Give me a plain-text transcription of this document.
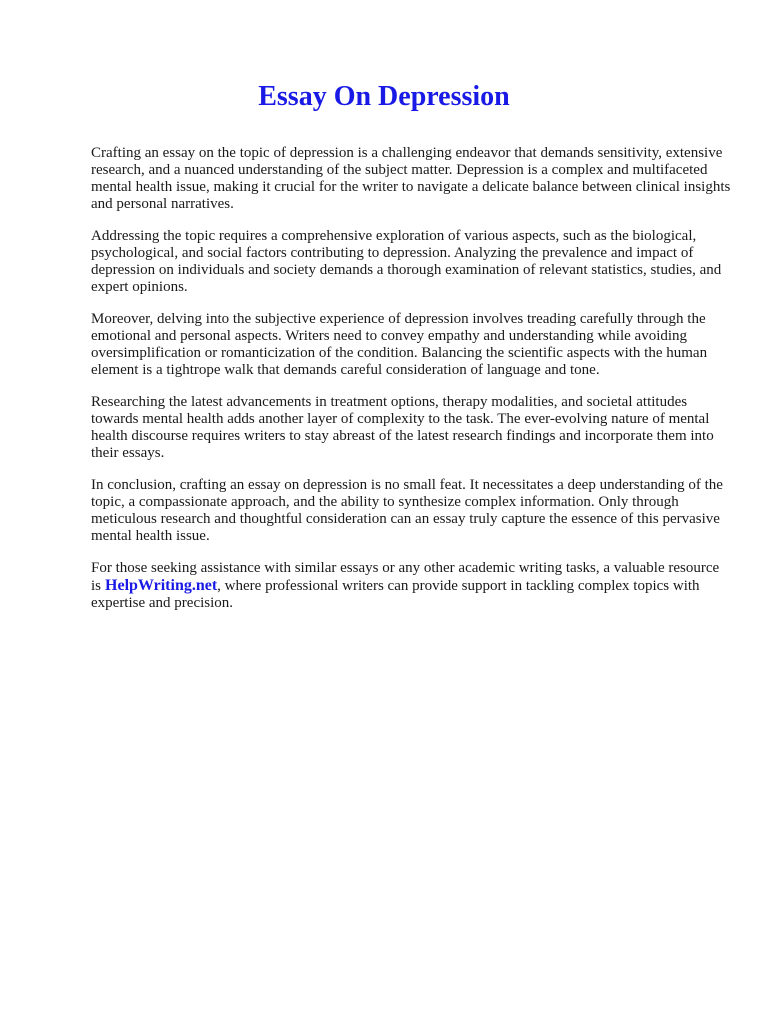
Essay On Depression

Crafting an essay on the topic of depression is a challenging endeavor that demands sensitivity, extensive research, and a nuanced understanding of the subject matter. Depression is a complex and multifaceted mental health issue, making it crucial for the writer to navigate a delicate balance between clinical insights and personal narratives.

Addressing the topic requires a comprehensive exploration of various aspects, such as the biological, psychological, and social factors contributing to depression. Analyzing the prevalence and impact of depression on individuals and society demands a thorough examination of relevant statistics, studies, and expert opinions.

Moreover, delving into the subjective experience of depression involves treading carefully through the emotional and personal aspects. Writers need to convey empathy and understanding while avoiding oversimplification or romanticization of the condition. Balancing the scientific aspects with the human element is a tightrope walk that demands careful consideration of language and tone.

Researching the latest advancements in treatment options, therapy modalities, and societal attitudes towards mental health adds another layer of complexity to the task. The ever-evolving nature of mental health discourse requires writers to stay abreast of the latest research findings and incorporate them into their essays.

In conclusion, crafting an essay on depression is no small feat. It necessitates a deep understanding of the topic, a compassionate approach, and the ability to synthesize complex information. Only through meticulous research and thoughtful consideration can an essay truly capture the essence of this pervasive mental health issue.

For those seeking assistance with similar essays or any other academic writing tasks, a valuable resource is HelpWriting.net, where professional writers can provide support in tackling complex topics with expertise and precision.
